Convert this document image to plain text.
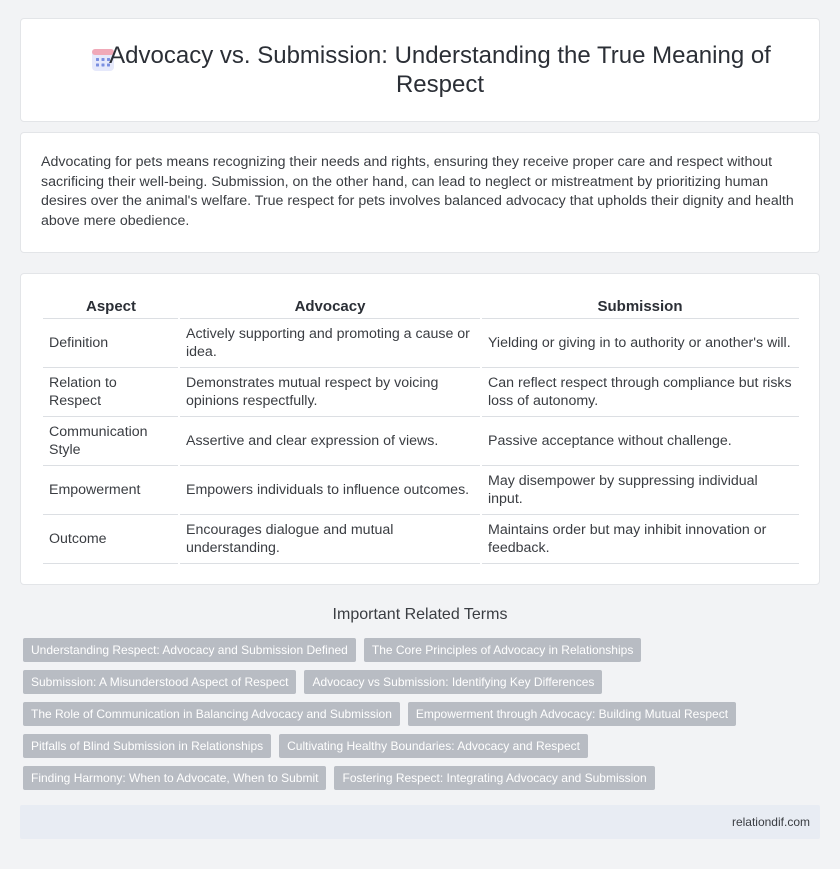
Advocacy vs. Submission: Understanding the True Meaning of Respect

Advocating for pets means recognizing their needs and rights, ensuring they receive proper care and respect without sacrificing their well-being. Submission, on the other hand, can lead to neglect or mistreatment by prioritizing human desires over the animal's welfare. True respect for pets involves balanced advocacy that upholds their dignity and health above mere obedience.

Aspect	Advocacy	Submission
Definition	Actively supporting and promoting a cause or idea.	Yielding or giving in to authority or another's will.
Relation to Respect	Demonstrates mutual respect by voicing opinions respectfully.	Can reflect respect through compliance but risks loss of autonomy.
Communication Style	Assertive and clear expression of views.	Passive acceptance without challenge.
Empowerment	Empowers individuals to influence outcomes.	May disempower by suppressing individual input.
Outcome	Encourages dialogue and mutual understanding.	Maintains order but may inhibit innovation or feedback.
Important Related Terms
Understanding Respect: Advocacy and Submission Defined	The Core Principles of Advocacy in Relationships
Submission: A Misunderstood Aspect of Respect	Advocacy vs Submission: Identifying Key Differences
The Role of Communication in Balancing Advocacy and Submission	Empowerment through Advocacy: Building Mutual Respect
Pitfalls of Blind Submission in Relationships	Cultivating Healthy Boundaries: Advocacy and Respect
Finding Harmony: When to Advocate, When to Submit	Fostering Respect: Integrating Advocacy and Submission
relationdif.com
